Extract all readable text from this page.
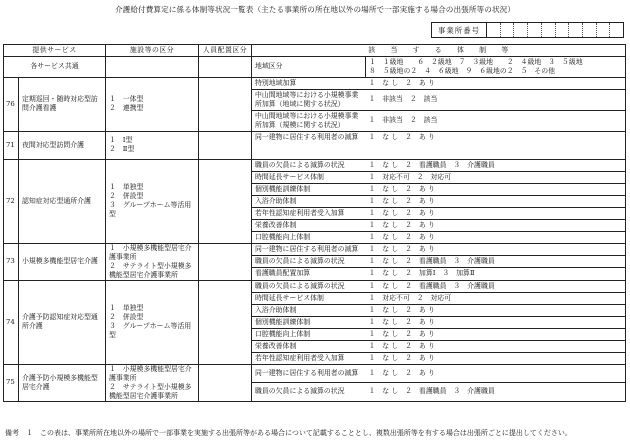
介護給付費算定に係る体制等状況一覧表（主たる事業所の所在地以外の場所で一部実施する場合の出張所等の状況）
事業所番号
提供サービス		施設等の区分	人員配置区分	該　　当　　す　　る　　体　　制　　等	
各サービス共通				地域区分	１　１級地　　６　２級地　７　３級地　　２　４級地　３　５級地
８　５級地の２　４　６級地　９　６級地の２　５　その他

76	定期巡回・随時対応型訪問介護看護	１　一体型
２　連携型		特別地域加算	１　な し　２　あ り
				中山間地域等における小規模事業所加算（地域に関する状況）	１　非該当　２　該当
				中山間地域等における小規模事業所加算（規模に関する状況）	１　非該当　２　該当
71	夜間対応型訪問介護	１　Ⅰ型
２　Ⅱ型		同一建物に居住する利用者の減算	１　な し　２　あ り
72	認知症対応型通所介護	１　単独型
２　併設型
３　グループホーム等活用型		職員の欠員による減算の状況	１　な し　２　看護職員　３　介護職員
				時間延長サービス体制	１　対応不可　２　対応可
				個別機能訓練体制	１　な し　２　あ り
				入浴介助体制	１　な し　２　あ り
				若年性認知症利用者受入加算	１　な し　２　あ り
				栄養改善体制	１　な し　２　あ り
				口腔機能向上体制	１　な し　２　あ り
73	小規模多機能型居宅介護	１　小規模多機能型居宅介護事業所
２　サテライト型小規模多機能型居宅介護事業所		同一建物に居住する利用者の減算	１　な し　２　あ り
				職員の欠員による減算の状況	１　な し　２　看護職員　３　介護職員
				看護職員配置加算	１　な し　２　加算Ⅰ　３　加算Ⅱ
74	介護予防認知症対応型通所介護	１　単独型
２　併設型
３　グループホーム等活用型		職員の欠員による減算の状況	１　な し　２　看護職員　３　介護職員
				時間延長サービス体制	１　対応不可　２　対応可
				入浴介助体制	１　な し　２　あ り
				個別機能訓練体制	１　な し　２　あ り
				口腔機能向上体制	１　な し　２　あ り
				栄養改善体制	１　な し　２　あ り
				若年性認知症利用者受入加算	１　な し　２　あ り
75	介護予防小規模多機能型居宅介護	１　小規模多機能型居宅介護事業所
２　サテライト型小規模多機能型居宅介護事業所		同一建物に居住する利用者の減算	１　な し　２　あ り
				職員の欠員による減算の状況	１　な し　２　看護職員　３　介護職員
備考　１　この表は、事業所所在地以外の場所で一部事業を実施する出張所等がある場合について記載することとし、複数出張所等を有する場合は出張所ごとに提出してください。
